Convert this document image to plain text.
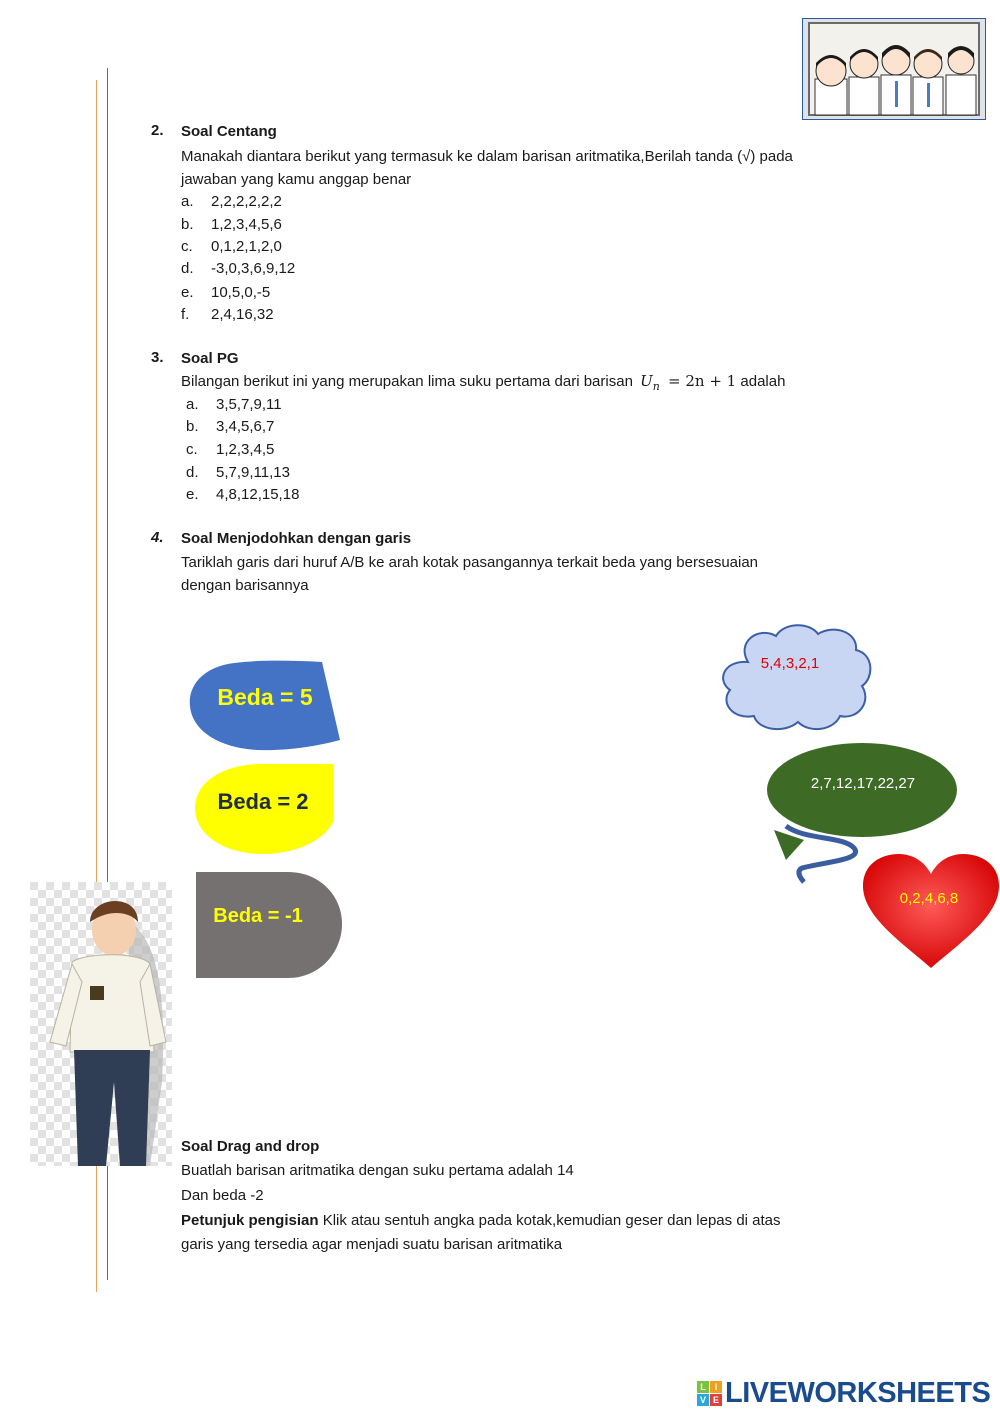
2. Soal Centang
Manakah diantara berikut yang termasuk ke dalam barisan aritmatika,Berilah tanda (√) pada
jawaban yang kamu anggap benar
a. 2,2,2,2,2,2
b. 1,2,3,4,5,6
c. 0,1,2,1,2,0
d. -3,0,3,6,9,12
e. 10,5,0,-5
f. 2,4,16,32
3. Soal PG
Bilangan berikut ini yang merupakan lima suku pertama dari barisan $U_n = 2n + 1$ adalah
a. 3,5,7,9,11
b. 3,4,5,6,7
c. 1,2,3,4,5
d. 5,7,9,11,13
e. 4,8,12,15,18
4. Soal Menjodohkan dengan garis
Tariklah garis dari huruf A/B ke arah kotak pasangannya terkait beda yang bersesuaian
dengan barisannya
Beda = 5
Beda = 2
Beda = -1
5,4,3,2,1
2,7,12,17,22,27
0,2,4,6,8
Soal Drag and drop
Buatlah barisan aritmatika dengan suku pertama adalah 14
Dan beda -2
Petunjuk pengisian Klik atau sentuh angka pada kotak,kemudian geser dan lepas di atas
garis yang tersedia agar menjadi suatu barisan aritmatika
L I
V E LIVEWORKSHEETS
